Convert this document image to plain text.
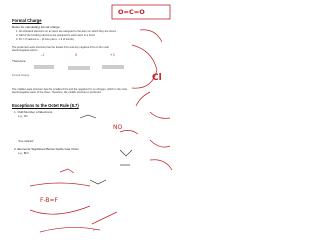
Formal Charge
Rules for calculating formal charge:
1. All unshared electrons on an atom are assigned to the atom on which they are found.
2. Half of the bonding electrons are assigned to each atom in a bond.
3. FC = # valence e- - (# lone pair e- + # of bonds)
The preferred Lewis structure has the fewest FCs and any negative FCs on the most electronegative atoms.
Therefore:
Formal Charge
The middle Lewis structure has the smallest FCs and the negative FC on nitrogen, which is the most electronegative atom of the three. Therefore, the middle structure is preferred.
Exceptions to the Octet Rule (8.7)
1. Odd Number of Electrons
e.g., NO
"free radicals"
2. Elements Significant Below Noble Gas Octet
e.g., BF3
3
O=C=O
-1	0	+1
Cl
NO
F-B=F
